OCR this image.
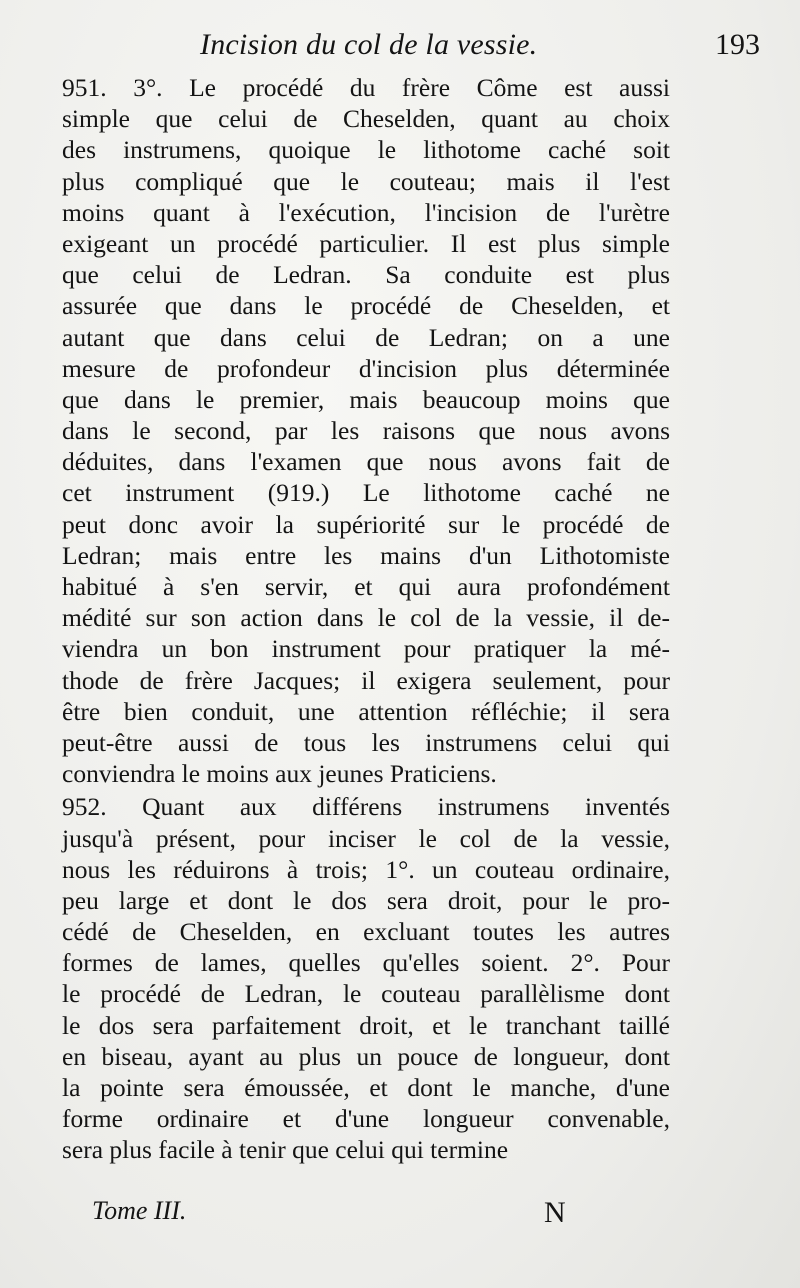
Incision du col de la vessie.	193
951. 3°. Le procédé du frère Côme est aussi
simple que celui de Cheselden, quant au choix
des instrumens, quoique le lithotome caché soit
plus compliqué que le couteau; mais il l'est
moins quant à l'exécution, l'incision de l'urètre
exigeant un procédé particulier. Il est plus simple
que celui de Ledran. Sa conduite est plus
assurée que dans le procédé de Cheselden, et
autant que dans celui de Ledran; on a une
mesure de profondeur d'incision plus déterminée
que dans le premier, mais beaucoup moins que
dans le second, par les raisons que nous avons
déduites, dans l'examen que nous avons fait de
cet instrument (919.) Le lithotome caché ne
peut donc avoir la supériorité sur le procédé de
Ledran; mais entre les mains d'un Lithotomiste
habitué à s'en servir, et qui aura profondément
médité sur son action dans le col de la vessie, il de-
viendra un bon instrument pour pratiquer la mé-
thode de frère Jacques; il exigera seulement, pour
être bien conduit, une attention réfléchie; il sera
peut-être aussi de tous les instrumens celui qui
conviendra le moins aux jeunes Praticiens.
952. Quant aux différens instrumens inventés
jusqu'à présent, pour inciser le col de la vessie,
nous les réduirons à trois; 1°. un couteau ordinaire,
peu large et dont le dos sera droit, pour le pro-
cédé de Cheselden, en excluant toutes les autres
formes de lames, quelles qu'elles soient. 2°. Pour
le procédé de Ledran, le couteau parallèlisme dont
le dos sera parfaitement droit, et le tranchant taillé
en biseau, ayant au plus un pouce de longueur, dont
la pointe sera émoussée, et dont le manche, d'une
forme ordinaire et d'une longueur convenable,
sera plus facile à tenir que celui qui termine
Tome III.	N
